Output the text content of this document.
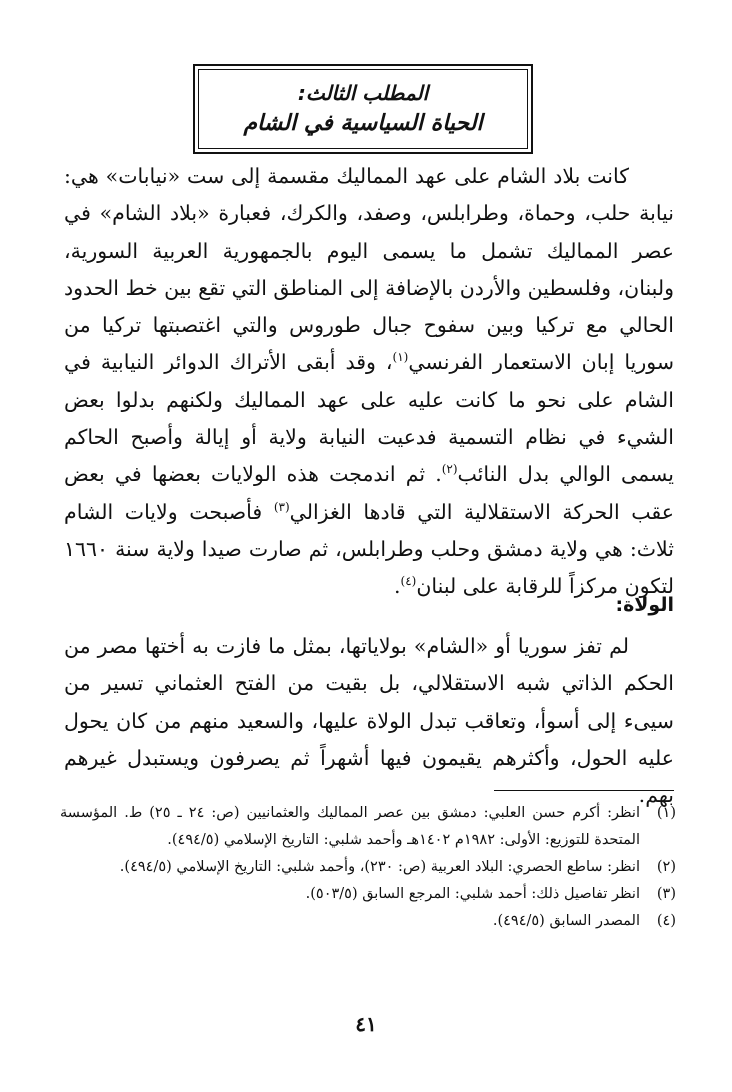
المطلب الثالث:
الحياة السياسية في الشام

كانت بلاد الشام على عهد المماليك مقسمة إلى ست «نيابات» هي: نيابة حلب، وحماة، وطرابلس، وصفد، والكرك، فعبارة «بلاد الشام» في عصر المماليك تشمل ما يسمى اليوم بالجمهورية العربية السورية، ولبنان، وفلسطين والأردن بالإضافة إلى المناطق التي تقع بين خط الحدود الحالي مع تركيا وبين سفوح جبال طوروس والتي اغتصبتها تركيا من سوريا إبان الاستعمار الفرنسي$^{(١)}$، وقد أبقى الأتراك الدوائر النيابية في الشام على نحو ما كانت عليه على عهد المماليك ولكنهم بدلوا بعض الشيء في نظام التسمية فدعيت النيابة ولاية أو إيالة وأصبح الحاكم يسمى الوالي بدل النائب$^{(٢)}$. ثم اندمجت هذه الولايات بعضها في بعض عقب الحركة الاستقلالية التي قادها الغزالي$^{(٣)}$ فأصبحت ولايات الشام ثلاث: هي ولاية دمشق وحلب وطرابلس، ثم صارت صيدا ولاية سنة ١٦٦٠ لتكون مركزاً للرقابة على لبنان$^{(٤)}$.

الولاة:

لم تفز سوريا أو «الشام» بولاياتها، بمثل ما فازت به أختها مصر من الحكم الذاتي شبه الاستقلالي، بل بقيت من الفتح العثماني تسير من سيىء إلى أسوأ، وتعاقب تبدل الولاة عليها، والسعيد منهم من كان يحول عليه الحول، وأكثرهم يقيمون فيها أشهراً ثم يصرفون ويستبدل غيرهم بهم.

(١)
انظر: أكرم حسن العلبي: دمشق بين عصر المماليك والعثمانيين (ص: ٢٤ ـ ٢٥) ط. المؤسسة المتحدة للتوزيع: الأولى: ١٩٨٢م ١٤٠٢هـ وأحمد شلبي: التاريخ الإسلامي (٤٩٤/٥).
(٢)
انظر: ساطع الحصري: البلاد العربية (ص: ٢٣٠)، وأحمد شلبي: التاريخ الإسلامي (٤٩٤/٥).
(٣)
انظر تفاصيل ذلك: أحمد شلبي: المرجع السابق (٥٠٣/٥).
(٤)
المصدر السابق (٤٩٤/٥).
٤١
